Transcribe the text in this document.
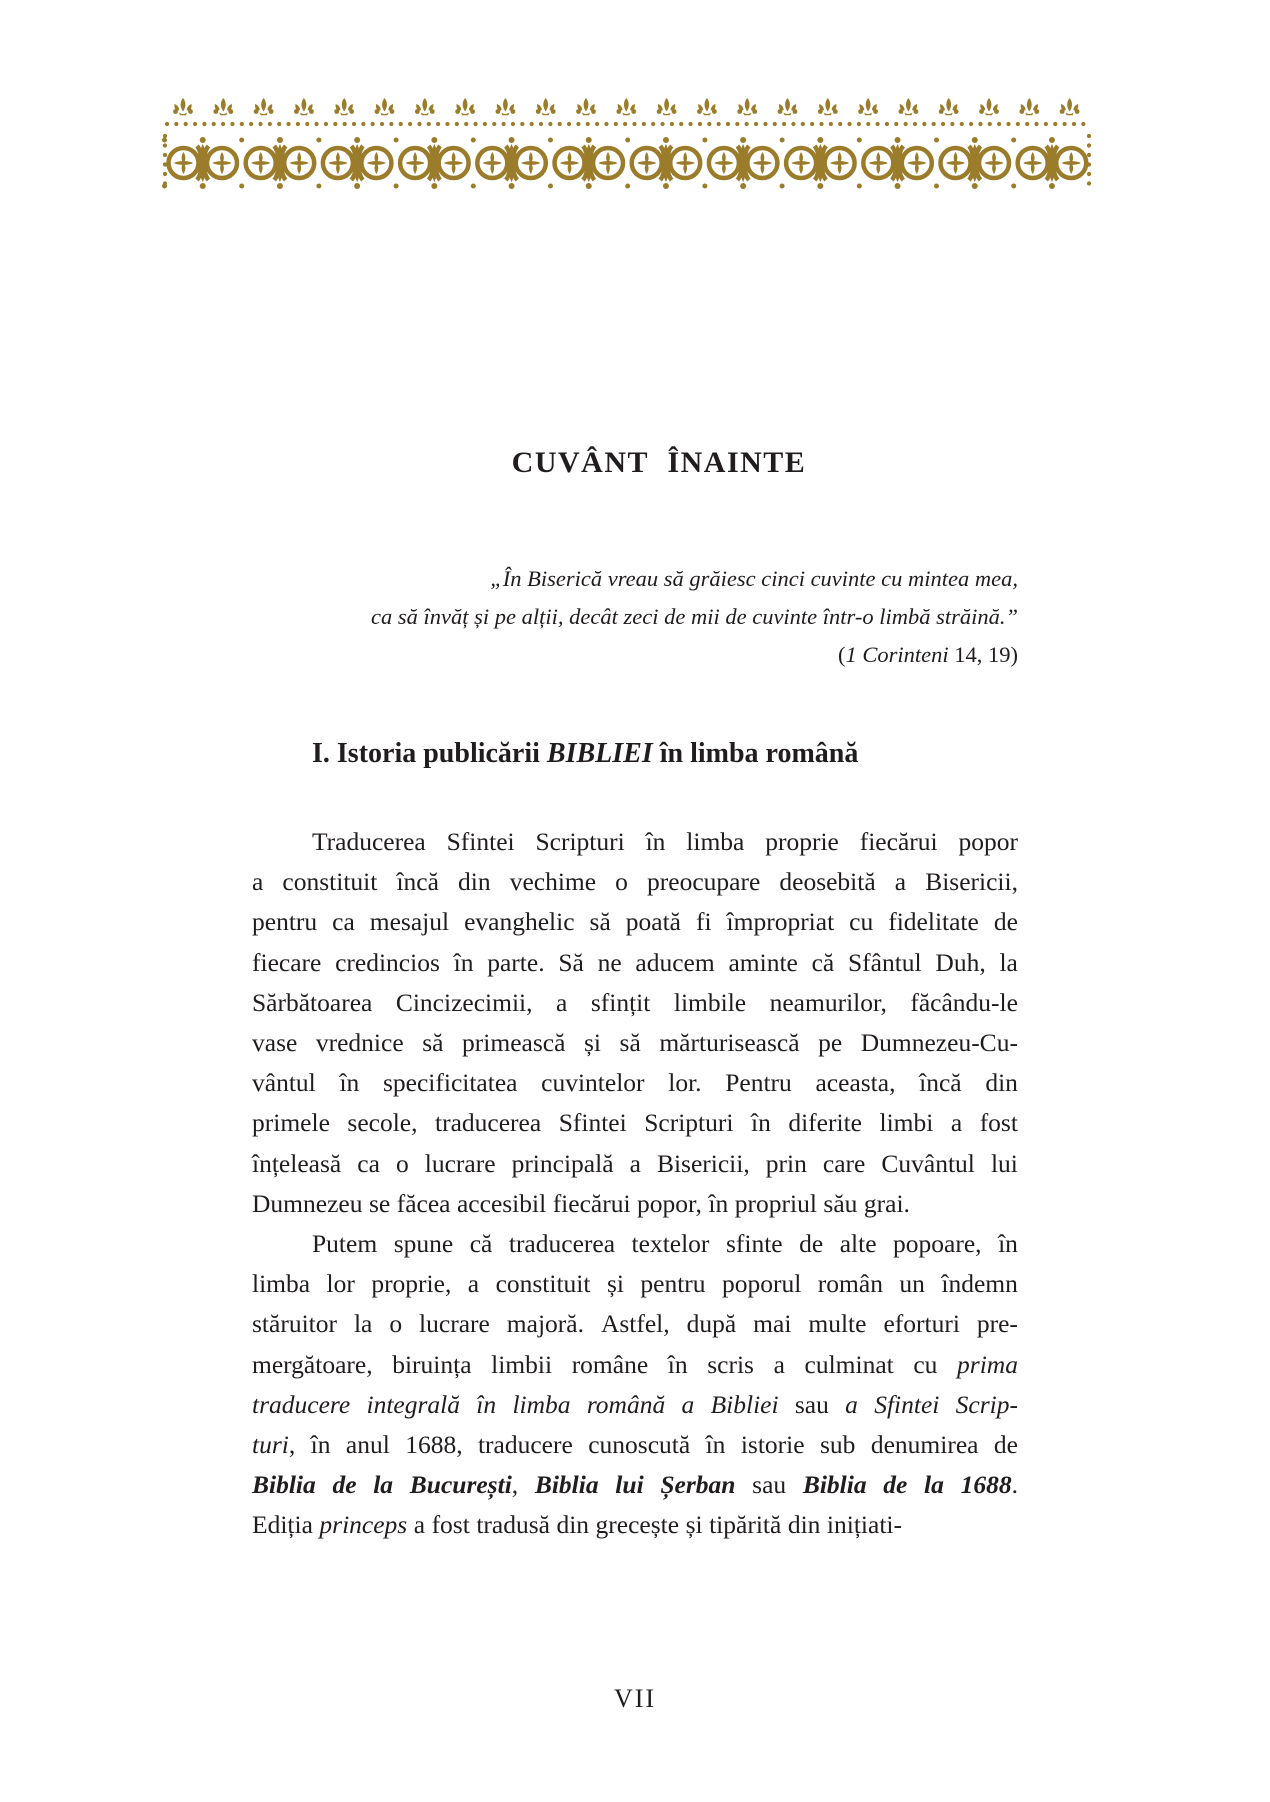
CUVÂNT ÎNAINTE
„În Biserică vreau să grăiesc cinci cuvinte cu mintea mea,
ca să învăț și pe alții, decât zeci de mii de cuvinte într-o limbă străină.”
(1 Corinteni 14, 19)
I. Istoria publicării BIBLIEI în limba română
Traducerea Sfintei Scripturi în limba proprie fiecărui popor
a constituit încă din vechime o preocupare deosebită a Bisericii,
pentru ca mesajul evanghelic să poată fi împropriat cu fidelitate de
fiecare credincios în parte. Să ne aducem aminte că Sfântul Duh, la
Sărbătoarea Cincizecimii, a sfințit limbile neamurilor, făcându-le
vase vrednice să primească și să mărturisească pe Dumnezeu-Cu-
vântul în specificitatea cuvintelor lor. Pentru aceasta, încă din
primele secole, traducerea Sfintei Scripturi în diferite limbi a fost
înțeleasă ca o lucrare principală a Bisericii, prin care Cuvântul lui
Dumnezeu se făcea accesibil fiecărui popor, în propriul său grai.
Putem spune că traducerea textelor sfinte de alte popoare, în
limba lor proprie, a constituit și pentru poporul român un îndemn
stăruitor la o lucrare majoră. Astfel, după mai multe eforturi pre-
mergătoare, biruința limbii române în scris a culminat cu prima
traducere integrală în limba română a Bibliei sau a Sfintei Scrip-
turi, în anul 1688, traducere cunoscută în istorie sub denumirea de
Biblia de la București, Biblia lui Șerban sau Biblia de la 1688.
Ediția princeps a fost tradusă din grecește și tipărită din inițiati-
VII
